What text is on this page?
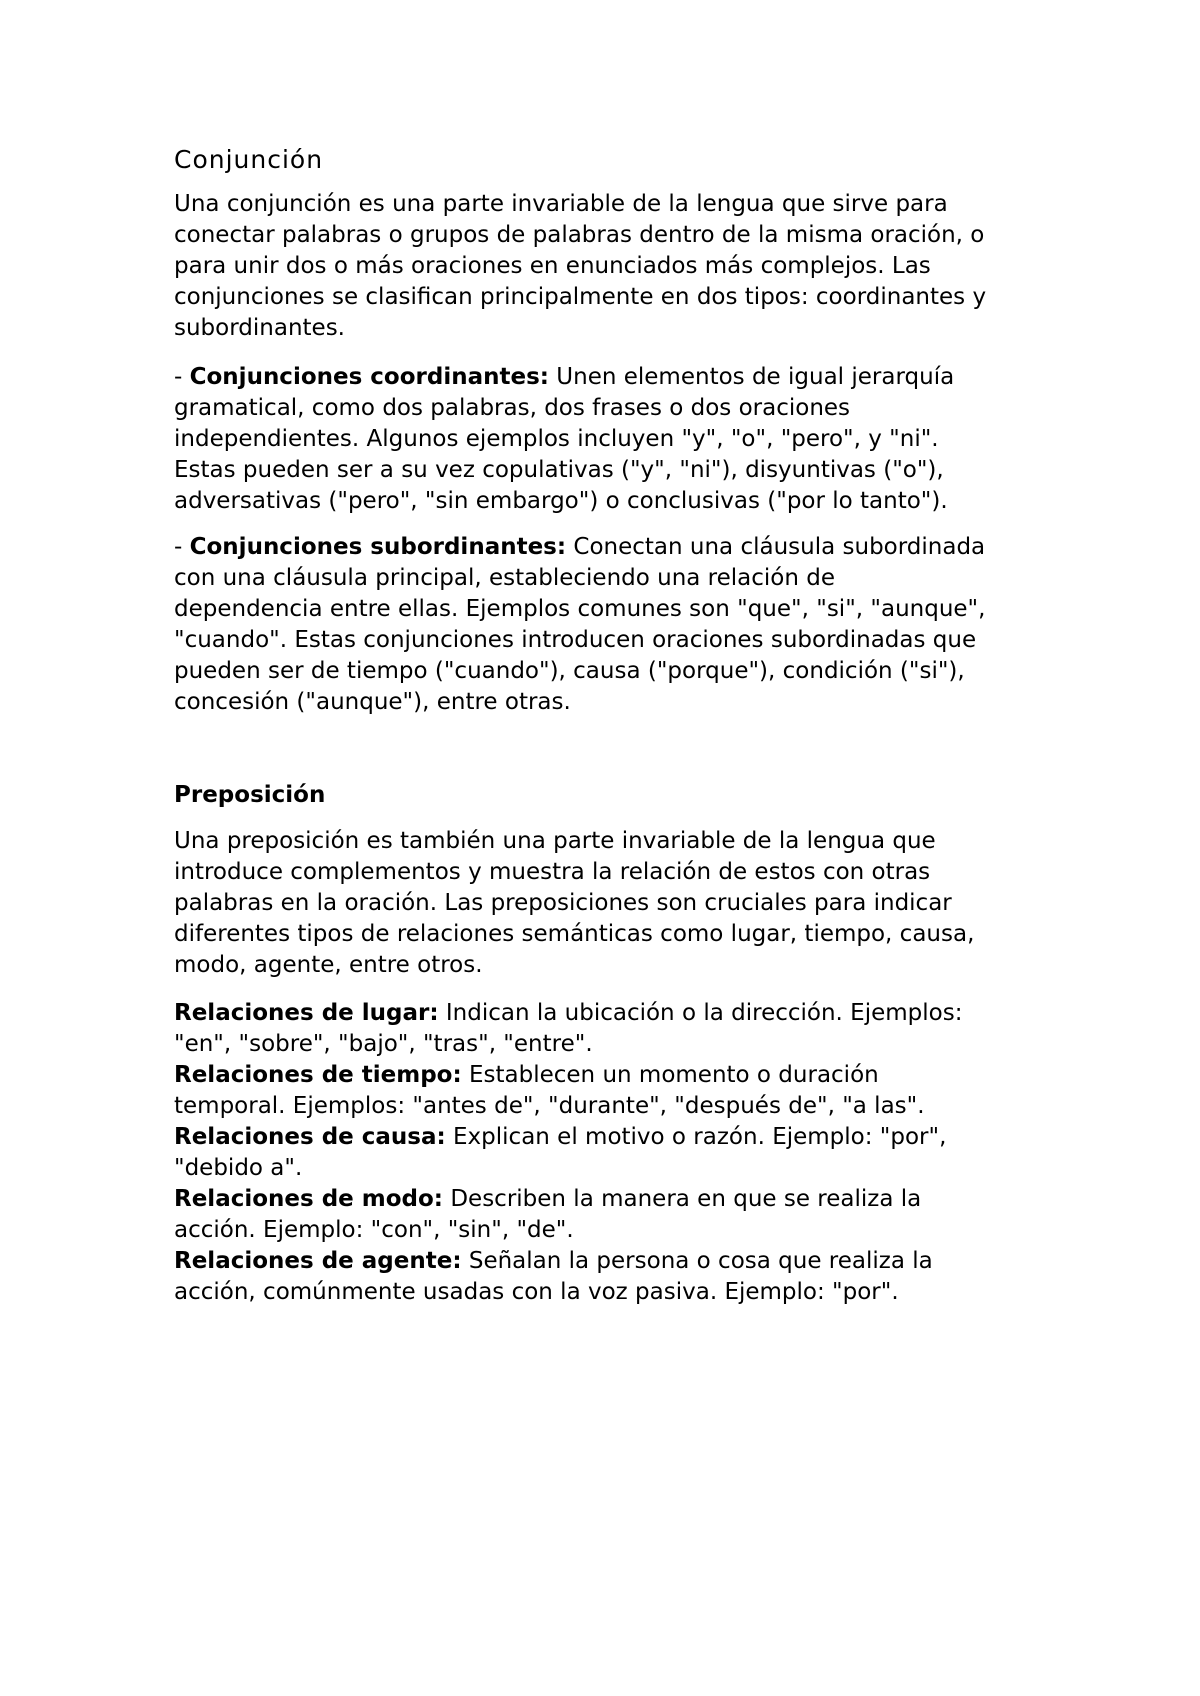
Conjunción

Una conjunción es una parte invariable de la lengua que sirve para
conectar palabras o grupos de palabras dentro de la misma oración, o
para unir dos o más oraciones en enunciados más complejos. Las
conjunciones se clasifican principalmente en dos tipos: coordinantes y
subordinantes.

- Conjunciones coordinantes: Unen elementos de igual jerarquía
gramatical, como dos palabras, dos frases o dos oraciones
independientes. Algunos ejemplos incluyen "y", "o", "pero", y "ni".
Estas pueden ser a su vez copulativas ("y", "ni"), disyuntivas ("o"),
adversativas ("pero", "sin embargo") o conclusivas ("por lo tanto").

- Conjunciones subordinantes: Conectan una cláusula subordinada
con una cláusula principal, estableciendo una relación de
dependencia entre ellas. Ejemplos comunes son "que", "si", "aunque",
"cuando". Estas conjunciones introducen oraciones subordinadas que
pueden ser de tiempo ("cuando"), causa ("porque"), condición ("si"),
concesión ("aunque"), entre otras.

Preposición

Una preposición es también una parte invariable de la lengua que
introduce complementos y muestra la relación de estos con otras
palabras en la oración. Las preposiciones son cruciales para indicar
diferentes tipos de relaciones semánticas como lugar, tiempo, causa,
modo, agente, entre otros.

Relaciones de lugar: Indican la ubicación o la dirección. Ejemplos:
"en", "sobre", "bajo", "tras", "entre".
Relaciones de tiempo: Establecen un momento o duración
temporal. Ejemplos: "antes de", "durante", "después de", "a las".
Relaciones de causa: Explican el motivo o razón. Ejemplo: "por",
"debido a".
Relaciones de modo: Describen la manera en que se realiza la
acción. Ejemplo: "con", "sin", "de".
Relaciones de agente: Señalan la persona o cosa que realiza la
acción, comúnmente usadas con la voz pasiva. Ejemplo: "por".
